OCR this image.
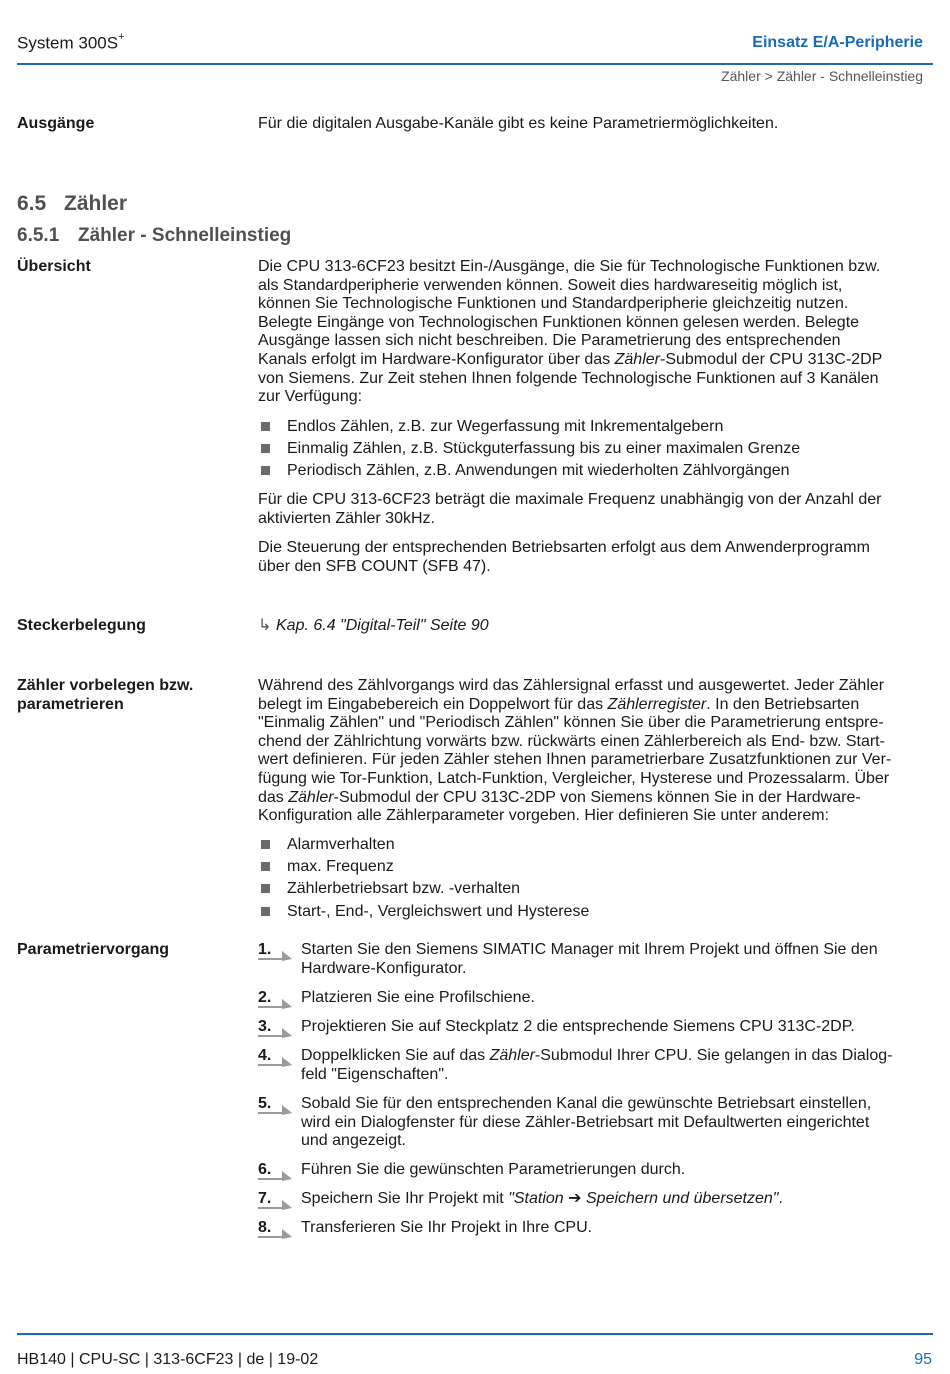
System 300S+	Einsatz E/A-Peripherie
Zähler > Zähler - Schnelleinstieg
Ausgänge	Für die digitalen Ausgabe-Kanäle gibt es keine Parametriermöglichkeiten.
6.5 Zähler
6.5.1 Zähler - Schnelleinstieg
Übersicht	Die CPU 313-6CF23 besitzt Ein-/Ausgänge, die Sie für Technologische Funktionen bzw.

als Standardperipherie verwenden können. Soweit dies hardwareseitig möglich ist,

können Sie Technologische Funktionen und Standardperipherie gleichzeitig nutzen.

Belegte Eingänge von Technologischen Funktionen können gelesen werden. Belegte

Ausgänge lassen sich nicht beschreiben. Die Parametrierung des entsprechenden

Kanals erfolgt im Hardware-Konfigurator über das Zähler-Submodul der CPU 313C-2DP

von Siemens. Zur Zeit stehen Ihnen folgende Technologische Funktionen auf 3 Kanälen

zur Verfügung:

Endlos Zählen, z.B. zur Wegerfassung mit Inkrementalgebern
Einmalig Zählen, z.B. Stückguterfassung bis zu einer maximalen Grenze
Periodisch Zählen, z.B. Anwendungen mit wiederholten Zählvorgängen

Für die CPU 313-6CF23 beträgt die maximale Frequenz unabhängig von der Anzahl der

aktivierten Zähler 30kHz.

Die Steuerung der entsprechenden Betriebsarten erfolgt aus dem Anwenderprogramm

über den SFB COUNT (SFB 47).

Steckerbelegung	↳ Kap. 6.4 "Digital-Teil" Seite 90
Zähler vorbelegen bzw.
parametrieren

Während des Zählvorgangs wird das Zählersignal erfasst und ausgewertet. Jeder Zähler

belegt im Eingabebereich ein Doppelwort für das Zählerregister. In den Betriebsarten

"Einmalig Zählen" und "Periodisch Zählen" können Sie über die Parametrierung entspre-

chend der Zählrichtung vorwärts bzw. rückwärts einen Zählerbereich als End- bzw. Start-

wert definieren. Für jeden Zähler stehen Ihnen parametrierbare Zusatzfunktionen zur Ver-

fügung wie Tor-Funktion, Latch-Funktion, Vergleicher, Hysterese und Prozessalarm. Über

das Zähler-Submodul der CPU 313C-2DP von Siemens können Sie in der Hardware-

Konfiguration alle Zählerparameter vorgeben. Hier definieren Sie unter anderem:

Alarmverhalten
max. Frequenz
Zählerbetriebsart bzw. -verhalten
Start-, End-, Vergleichswert und Hysterese
Parametriervorgang	1. Starten Sie den Siemens SIMATIC Manager mit Ihrem Projekt und öffnen Sie den
Hardware-Konfigurator.
2. Platzieren Sie eine Profilschiene.
3. Projektieren Sie auf Steckplatz 2 die entsprechende Siemens CPU 313C-2DP.
4. Doppelklicken Sie auf das Zähler-Submodul Ihrer CPU. Sie gelangen in das Dialog-
feld "Eigenschaften".
5. Sobald Sie für den entsprechenden Kanal die gewünschte Betriebsart einstellen,
wird ein Dialogfenster für diese Zähler-Betriebsart mit Defaultwerten eingerichtet
und angezeigt.
6. Führen Sie die gewünschten Parametrierungen durch.
7. Speichern Sie Ihr Projekt mit "Station ➔ Speichern und übersetzen".
8. Transferieren Sie Ihr Projekt in Ihre CPU.
HB140 | CPU-SC | 313-6CF23 | de | 19-02	95
